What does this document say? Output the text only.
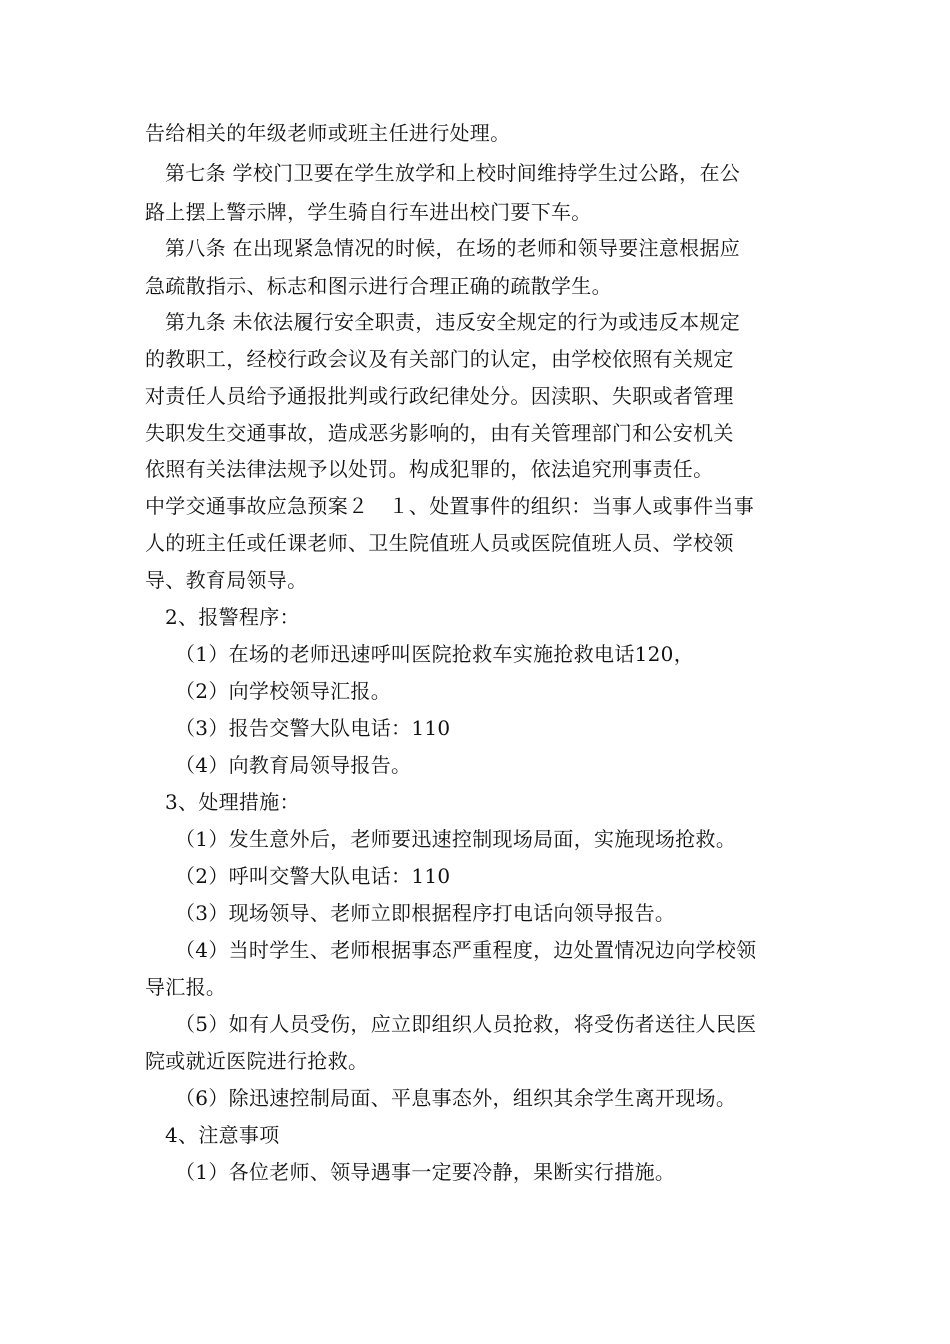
告给相关的年级老师或班主任进行处理。
第七条 学校门卫要在学生放学和上校时间维持学生过公路，在公
路上摆上警示牌，学生骑自行车进出校门要下车。
第八条 在出现紧急情况的时候，在场的老师和领导要注意根据应
急疏散指示、标志和图示进行合理正确的疏散学生。
第九条 未依法履行安全职责，违反安全规定的行为或违反本规定
的教职工，经校行政会议及有关部门的认定，由学校依照有关规定
对责任人员给予通报批判或行政纪律处分。因渎职、失职或者管理
失职发生交通事故，造成恶劣影响的，由有关管理部门和公安机关
依照有关法律法规予以处罚。构成犯罪的，依法追究刑事责任。
中学交通事故应急预案２　１、处置事件的组织：当事人或事件当事
人的班主任或任课老师、卫生院值班人员或医院值班人员、学校领
导、教育局领导。
2、报警程序：
（1）在场的老师迅速呼叫医院抢救车实施抢救电话120，
（2）向学校领导汇报。
（3）报告交警大队电话：110
（4）向教育局领导报告。
3、处理措施：
（1）发生意外后，老师要迅速控制现场局面，实施现场抢救。
（2）呼叫交警大队电话：110
（3）现场领导、老师立即根据程序打电话向领导报告。
（4）当时学生、老师根据事态严重程度，边处置情况边向学校领
导汇报。
（5）如有人员受伤，应立即组织人员抢救，将受伤者送往人民医
院或就近医院进行抢救。
（6）除迅速控制局面、平息事态外，组织其余学生离开现场。
4、注意事项
（1）各位老师、领导遇事一定要冷静，果断实行措施。
